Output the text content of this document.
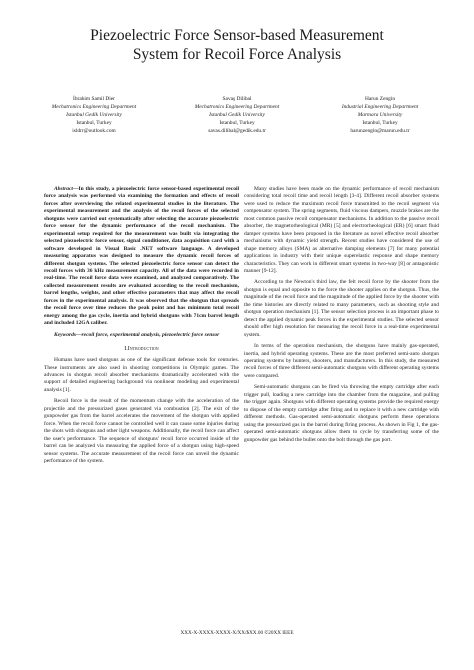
Piezoelectric Force Sensor-based Measurement
System for Recoil Force Analysis
İbrahim Samil Dier
Mechatronics Engineering Department
Istanbul Gedik University
Istanbul, Turkey
isldrr@outlook.com
Savaş Dilibal
Mechatronics Engineering Department
Istanbul Gedik University
Istanbul, Turkey
savas.dilibal@gedik.edu.tr
Harun Zengin
Industrial Engineering Department
Marmara University
Istanbul, Turkey
harunzengin@marun.edu.tr

Abstract—In this study, a piezoelectric force sensor-based experimental recoil force analysis was performed via examining the formation and effects of recoil forces after overviewing the related experimental studies in the literature. The experimental measurement and the analysis of the recoil forces of the selected shotguns were carried out systematically after selecting the accurate piezoelectric force sensor for the dynamic performance of the recoil mechanism. The experimental setup required for the measurement was built via integrating the selected piezoelectric force sensor, signal conditioner, data acquisition card with a software developed in Visual Basic .NET software language. A developed measuring apparatus was designed to measure the dynamic recoil forces of different shotgun systems. The selected piezoelectric force sensor can detect the recoil forces with 36 kHz measurement capacity. All of the data were recorded in real-time. The recoil force data were examined, and analyzed comparatively. The collected measurement results are evaluated according to the recoil mechanism, barrel lengths, weights, and other effective parameters that may affect the recoil forces in the experimental analysis. It was observed that the shotgun that spreads the recoil force over time reduces the peak point and has minimum total recoil energy among the gas cycle, inertia and hybrid shotguns with 71cm barrel length and included 12GA caliber.

Keywords—recoil force, experimental analysis, piezoelectric force sensor

I.Introduction

Humans have used shotguns as one of the significant defense tools for centuries. These instruments are also used in shooting competitions in Olympic games. The advances in shotgun recoil absorber mechanisms dramatically accelerated with the support of detailed engineering background via nonlinear modeling and experimental analysis [1].

Recoil force is the result of the momentum change with the acceleration of the projectile and the pressurized gases generated via combustion [2]. The exit of the gunpowder gas from the barrel accelerates the movement of the shotgun with applied force. When the recoil force cannot be controlled well it can cause some injuries during the shots with shotguns and other light weapons. Additionally, the recoil force can affect the user's performance. The sequence of shotguns' recoil force occurred inside of the barrel can be analyzed via measuring the applied force of a shotgun using high-speed sensor systems. The accurate measurement of the recoil force can unveil the dynamic performance of the system.

Many studies have been made on the dynamic performance of recoil mechanism considering total recoil time and recoil length [3-4]. Different recoil absorber systems were used to reduce the maximum recoil force transmitted to the recoil segment via compensator system. The spring segments, fluid viscous dampers, muzzle brakes are the most common passive recoil compensator mechanisms. In addition to the passive recoil absorber, the magnetorheological (MR) [5] and electrorheological (ER) [6] smart fluid damper systems have been proposed in the literature as novel effective recoil absorber mechanisms with dynamic yield strength. Recent studies have considered the use of shape memory alloys (SMA) as alternative damping elements [7] for many potential applications in industry with their unique superelastic response and shape memory characteristics. They can work in different smart systems in two-way [8] or antagonistic manner [9-12].

According to the Newton's third law, the felt recoil force by the shooter from the shotgun is equal and opposite to the force the shooter applies on the shotgun. Thus, the magnitude of the recoil force and the magnitude of the applied force by the shooter with the time histories are directly related to many parameters, such as shooting style and shotgun operation mechanism [1]. The sensor selection process is an important phase to detect the applied dynamic peak forces in the experimental studies. The selected sensor should offer high resolution for measuring the recoil force in a real-time experimental system.

In terms of the operation mechanism, the shotguns have mainly gas-operated, inertia, and hybrid operating systems. These are the most preferred semi-auto shotgun operating systems by hunters, shooters, and manufacturers. In this study, the measured recoil forces of three different semi-automatic shotguns with different operating systems were compared.

Semi-automatic shotguns can be fired via throwing the empty cartridge after each trigger pull, loading a new cartridge into the chamber from the magazine, and pulling the trigger again. Shotguns with different operating systems provide the required energy to dispose of the empty cartridge after firing and to replace it with a new cartridge with different methods. Gas-operated semi-automatic shotguns perform these operations using the pressurized gas in the barrel during firing process. As shown in Fig 1, the gas-operated semi-automatic shotguns allow them to cycle by transferring some of the gunpowder gas behind the bullet onto the bolt through the gas port.

XXX-X-XXXX-XXXX-X/XX/$XX.00 ©20XX IEEE
